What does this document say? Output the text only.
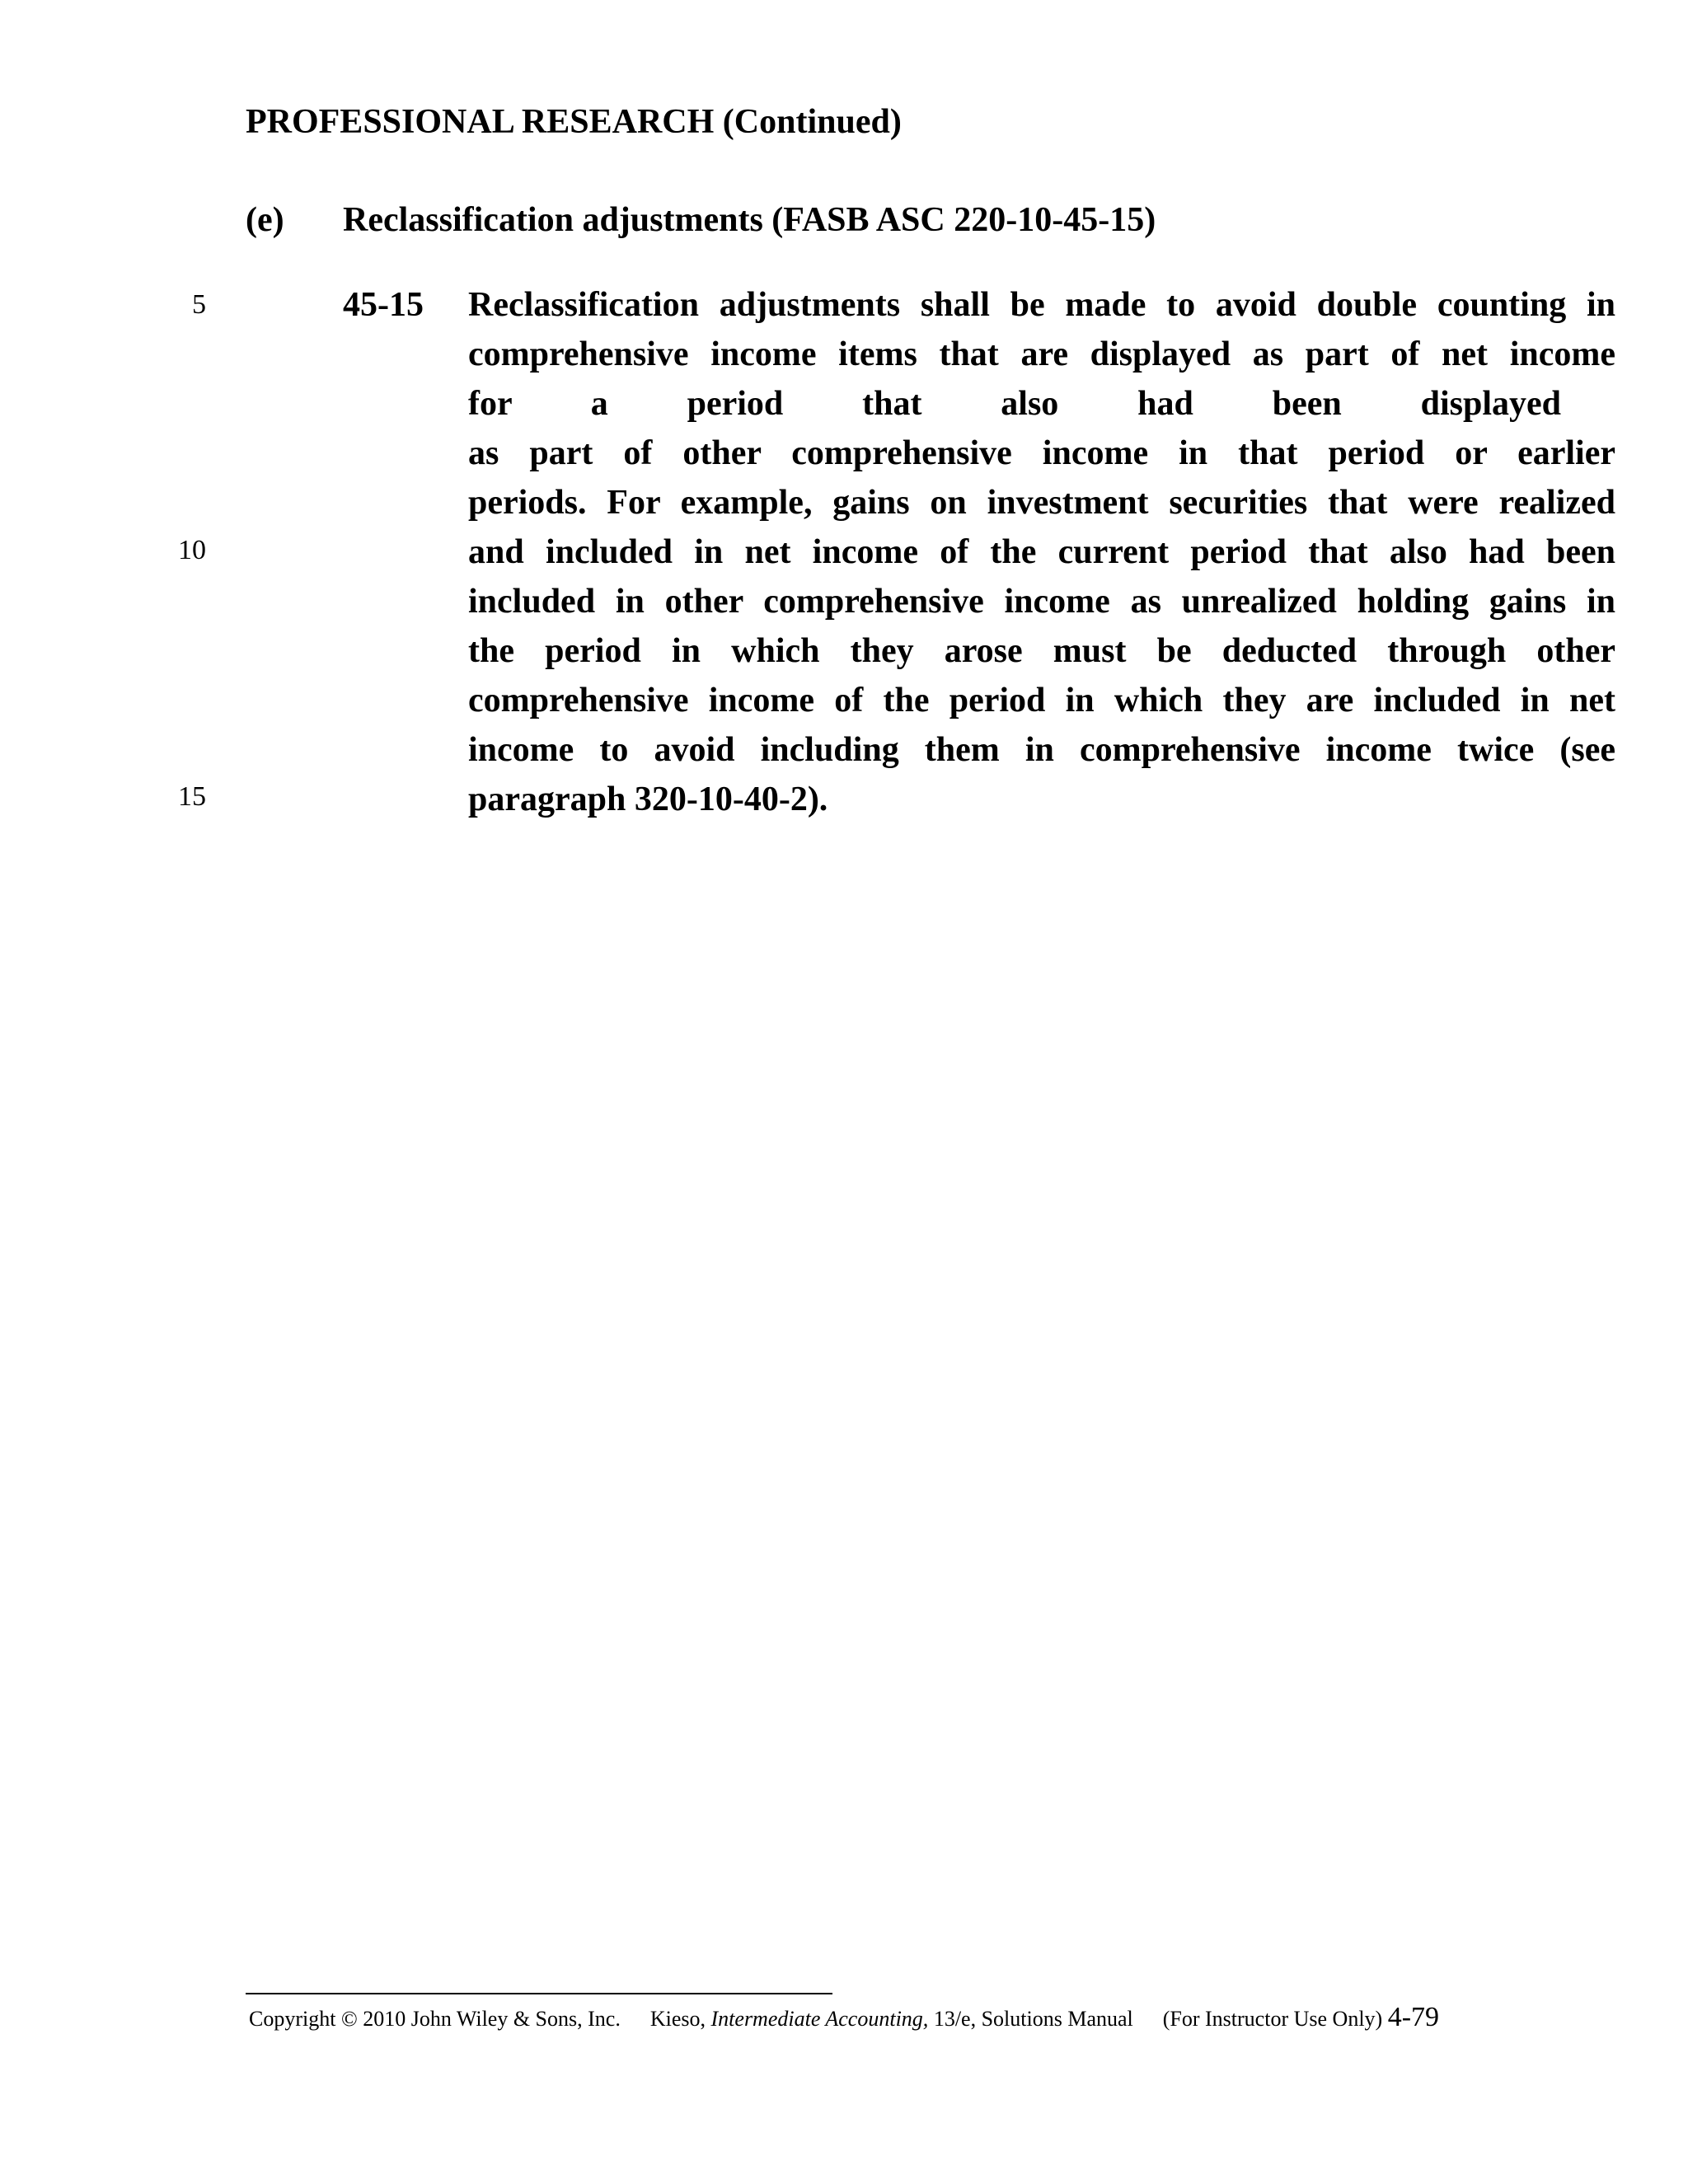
PROFESSIONAL RESEARCH (Continued)
(e) Reclassification adjustments (FASB ASC 220-10-45-15)
5
10
15
45-15 Reclassification adjustments shall be made to avoid double counting in
comprehensive income items that are displayed as part of net income
for a period that also had been displayed
as part of other comprehensive income in that period or earlier
periods. For example, gains on investment securities that were realized
and included in net income of the current period that also had been
included in other comprehensive income as unrealized holding gains in
the period in which they arose must be deducted through other
comprehensive income of the period in which they are included in net
income to avoid including them in comprehensive income twice (see
paragraph 320-10-40-2).
Copyright © 2010 John Wiley & Sons, Inc. Kieso, Intermediate Accounting, 13/e, Solutions Manual (For Instructor Use Only) 4-79
